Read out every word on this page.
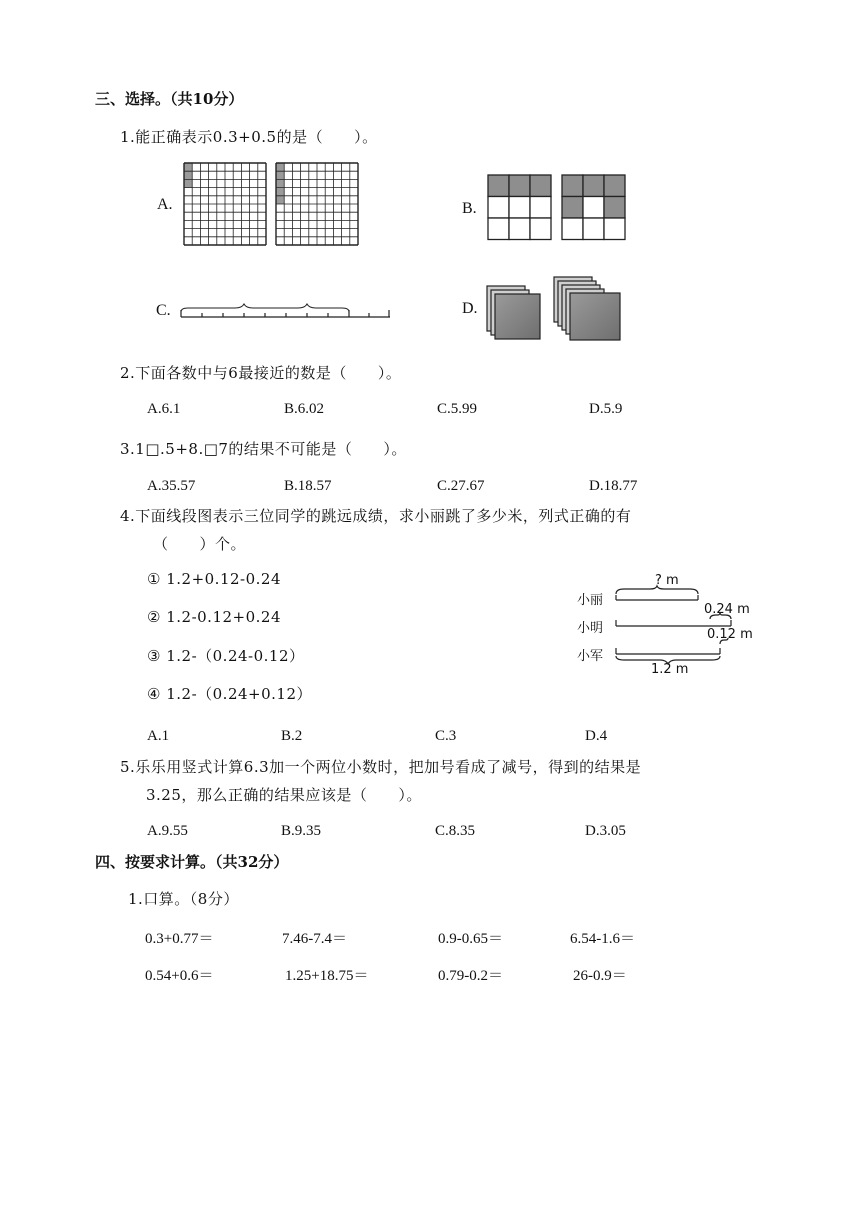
三、选择。（共10分）
1.能正确表示0.3+0.5的是（　　）。
A.	B.
C.	D.
2.下面各数中与6最接近的数是（　　）。
A.6.1	B.6.02	C.5.99	D.5.9
3.1□.5+8.□7的结果不可能是（　　）。
A.35.57	B.18.57	C.27.67	D.18.77
4.下面线段图表示三位同学的跳远成绩，求小丽跳了多少米，列式正确的有
（　　）个。
① 1.2+0.12-0.24
② 1.2-0.12+0.24
③ 1.2-（0.24-0.12）
④ 1.2-（0.24+0.12）
小丽
小明
小军
? m
0.24 m
0.12 m
1.2 m
A.1	B.2	C.3	D.4
5.乐乐用竖式计算6.3加一个两位小数时，把加号看成了减号，得到的结果是
3.25，那么正确的结果应该是（　　）。
A.9.55	B.9.35	C.8.35	D.3.05
四、按要求计算。（共32分）
1.口算。（8分）
0.3+0.77＝	7.46-7.4＝	0.9-0.65＝	6.54-1.6＝
0.54+0.6＝	1.25+18.75＝	0.79-0.2＝	26-0.9＝
